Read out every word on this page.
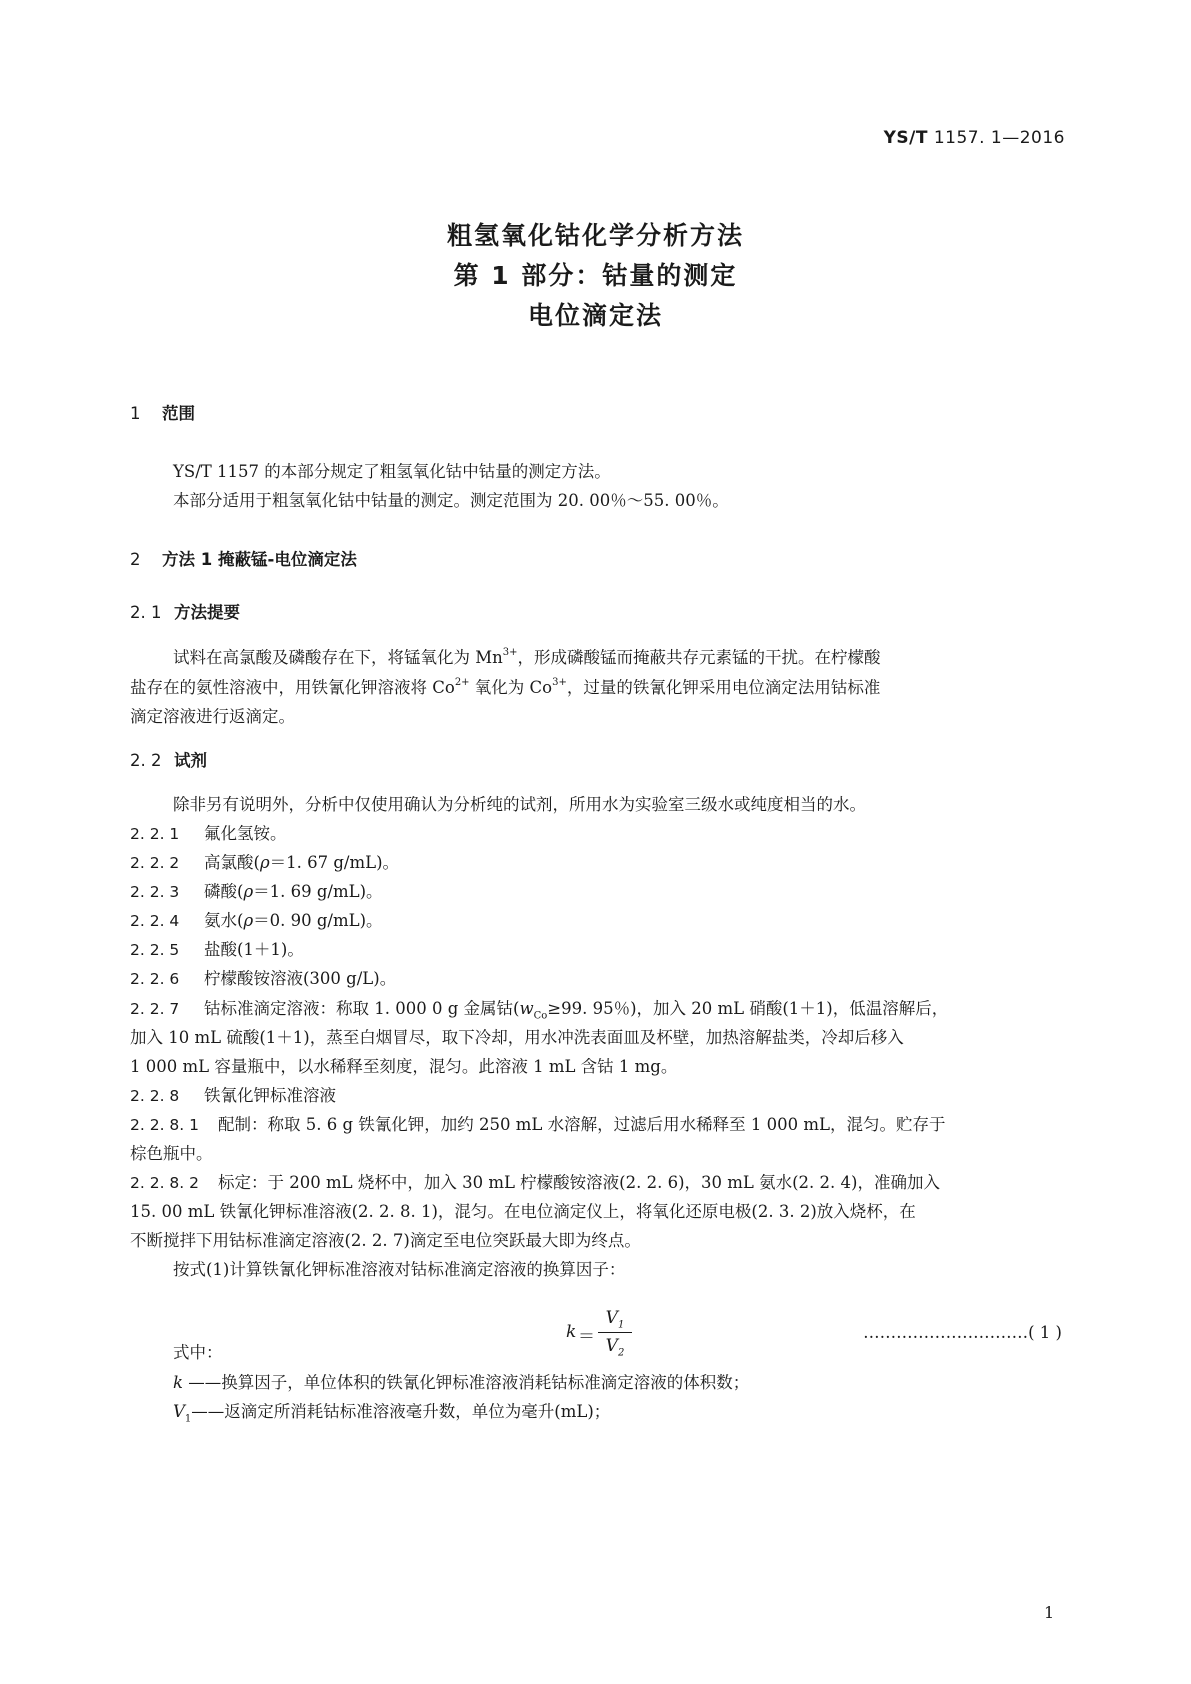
YS/T 1157. 1—2016
粗氢氧化钴化学分析方法
第 1 部分：钴量的测定
电位滴定法
1 范围
YS/T 1157 的本部分规定了粗氢氧化钴中钴量的测定方法。
本部分适用于粗氢氧化钴中钴量的测定。测定范围为 20. 00％～55. 00％。
2 方法 1 掩蔽锰-电位滴定法
2. 1 方法提要
试料在高氯酸及磷酸存在下，将锰氧化为 $Mn^{3+}$，形成磷酸锰而掩蔽共存元素锰的干扰。在柠檬酸
盐存在的氨性溶液中，用铁氰化钾溶液将 $Co^{2+}$ 氧化为 $Co^{3+}$，过量的铁氰化钾采用电位滴定法用钴标准
滴定溶液进行返滴定。
2. 2 试剂
除非另有说明外，分析中仅使用确认为分析纯的试剂，所用水为实验室三级水或纯度相当的水。
2. 2. 1 氟化氢铵。
2. 2. 2 高氯酸(ρ＝1. 67 g/mL)。
2. 2. 3 磷酸(ρ＝1. 69 g/mL)。
2. 2. 4 氨水(ρ＝0. 90 g/mL)。
2. 2. 5 盐酸(1＋1)。
2. 2. 6 柠檬酸铵溶液(300 g/L)。
2. 2. 7 钴标准滴定溶液：称取 1. 000 0 g 金属钴($w_{Co}\ge 99$. 95％)，加入 20 mL 硝酸(1＋1)，低温溶解后，
加入 10 mL 硫酸(1＋1)，蒸至白烟冒尽，取下冷却，用水冲洗表面皿及杯壁，加热溶解盐类，冷却后移入
1 000 mL 容量瓶中，以水稀释至刻度，混匀。此溶液 1 mL 含钴 1 mg。
2. 2. 8 铁氰化钾标准溶液
2. 2. 8. 1 配制：称取 5. 6 g 铁氰化钾，加约 250 mL 水溶解，过滤后用水稀释至 1 000 mL，混匀。贮存于
棕色瓶中。
2. 2. 8. 2 标定：于 200 mL 烧杯中，加入 30 mL 柠檬酸铵溶液(2. 2. 6)，30 mL 氨水(2. 2. 4)，准确加入
15. 00 mL 铁氰化钾标准溶液(2. 2. 8. 1)，混匀。在电位滴定仪上，将氧化还原电极(2. 3. 2)放入烧杯，在
不断搅拌下用钴标准滴定溶液(2. 2. 7)滴定至电位突跃最大即为终点。
按式(1)计算铁氰化钾标准溶液对钴标准滴定溶液的换算因子：
k ＝
$V_1$
$V_2$
…………………………( 1 )
式中：
k ——换算因子，单位体积的铁氰化钾标准溶液消耗钴标准滴定溶液的体积数；
$V_1——$返滴定所消耗钴标准溶液毫升数，单位为毫升(mL)；
1
